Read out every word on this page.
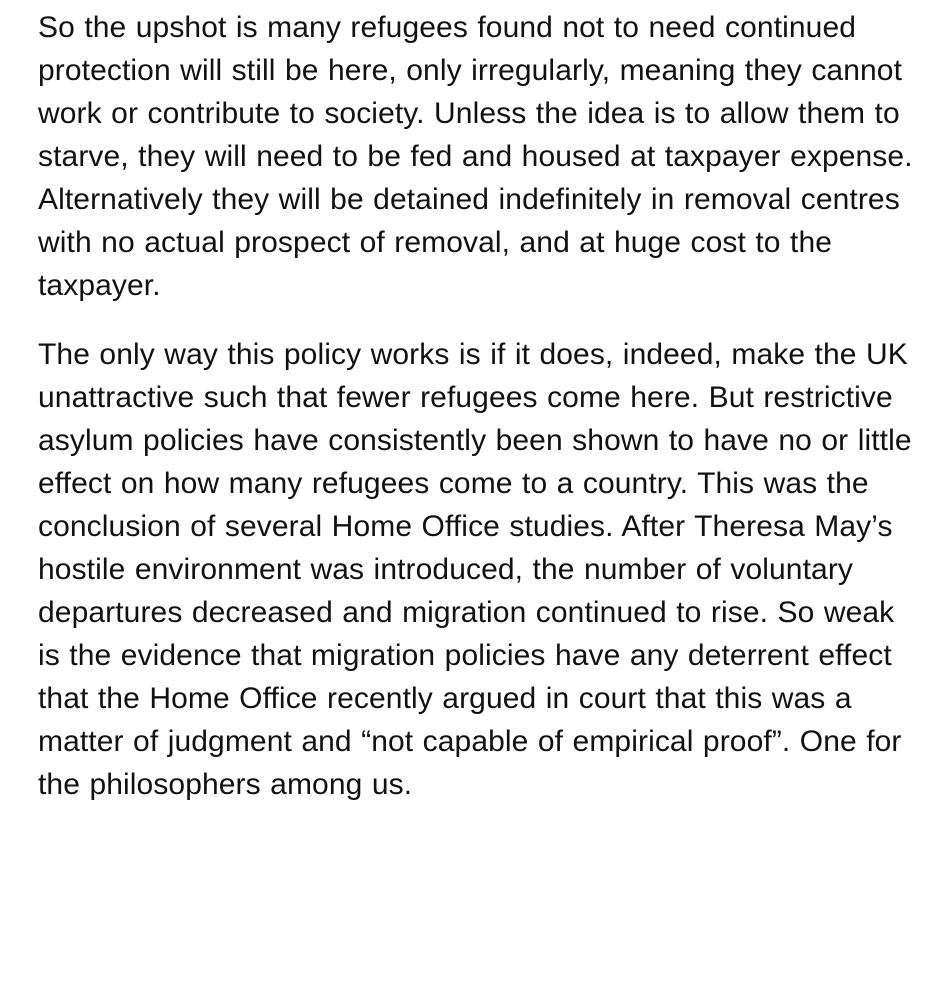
So the upshot is many refugees found not to need continued protection will still be here, only irregularly, meaning they cannot work or contribute to society. Unless the idea is to allow them to starve, they will need to be fed and housed at taxpayer expense. Alternatively they will be detained indefinitely in removal centres with no actual prospect of removal, and at huge cost to the taxpayer.

The only way this policy works is if it does, indeed, make the UK unattractive such that fewer refugees come here. But restrictive asylum policies have consistently been shown to have no or little effect on how many refugees come to a country. This was the conclusion of several Home Office studies. After Theresa May’s hostile environment was introduced, the number of voluntary departures decreased and migration continued to rise. So weak is the evidence that migration policies have any deterrent effect that the Home Office recently argued in court that this was a matter of judgment and “not capable of empirical proof”. One for the philosophers among us.
